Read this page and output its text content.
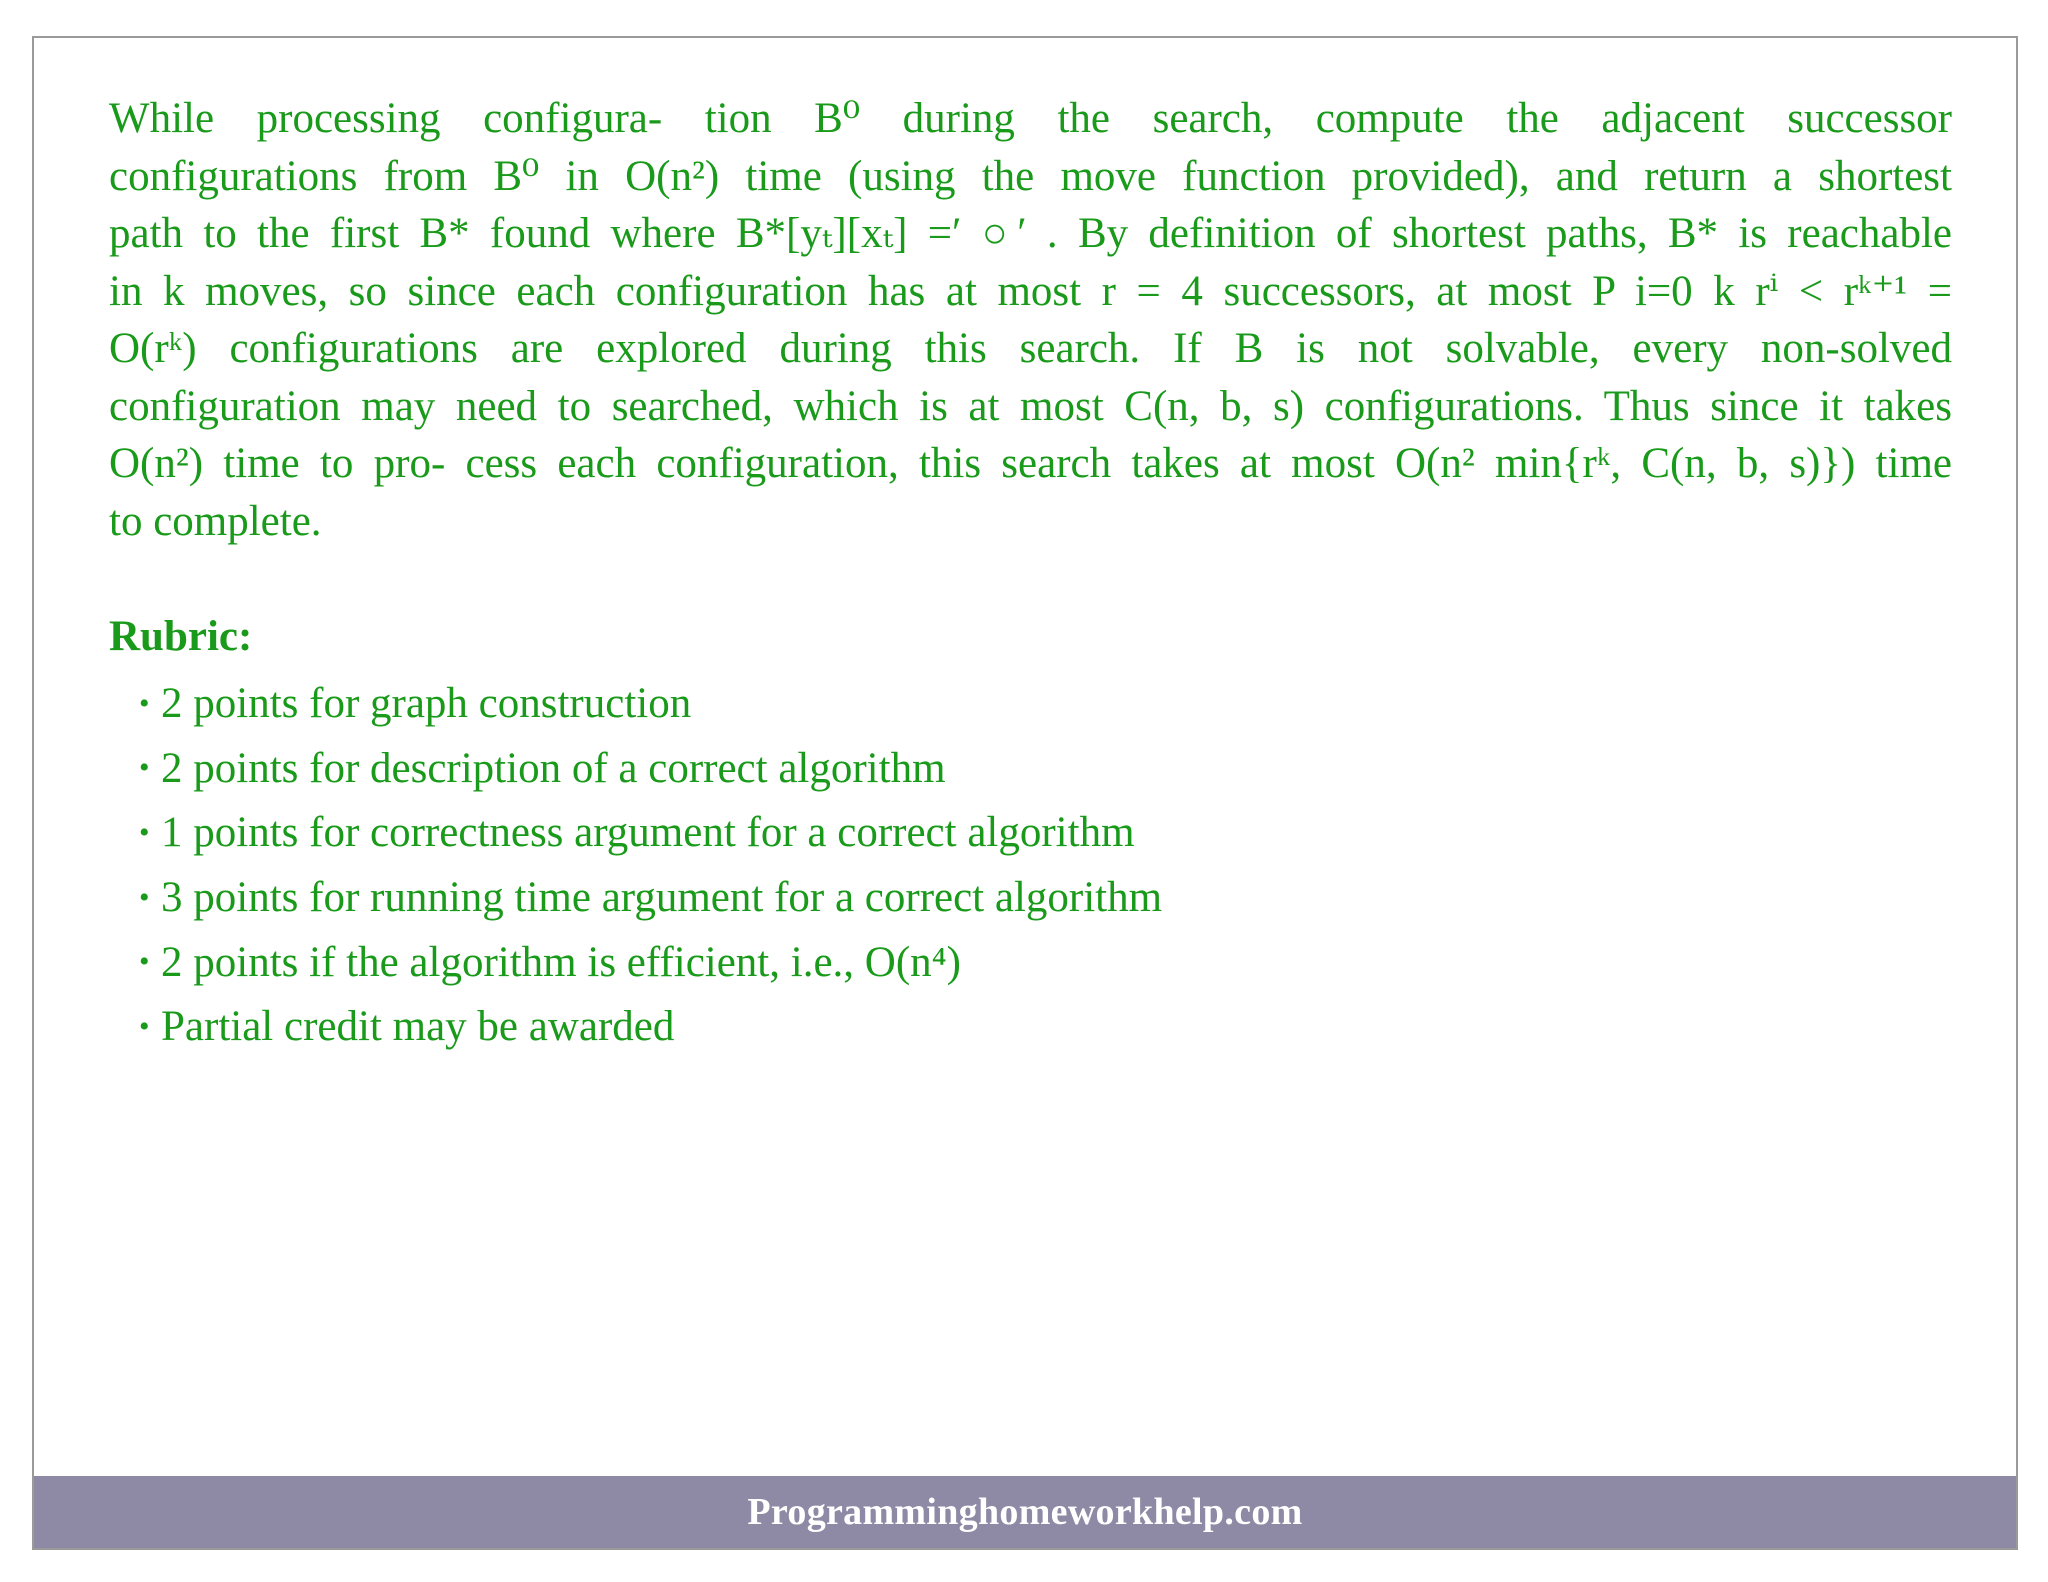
While processing configura- tion B⁰ during the search, compute the adjacent successor
configurations from B⁰ in O(n²) time (using the move function provided), and return a shortest
path to the first B* found where B*[yₜ][xₜ] =′ ○′ . By definition of shortest paths, B* is reachable
in k moves, so since each configuration has at most r = 4 successors, at most P i=0 k rⁱ < rᵏ⁺¹ =
O(rᵏ) configurations are explored during this search. If B is not solvable, every non-solved
configuration may need to searched, which is at most C(n, b, s) configurations. Thus since it takes
O(n²) time to pro- cess each configuration, this search takes at most O(n² min{rᵏ, C(n, b, s)}) time
to complete.
Rubric:
• 2 points for graph construction
• 2 points for description of a correct algorithm
• 1 points for correctness argument for a correct algorithm
• 3 points for running time argument for a correct algorithm
• 2 points if the algorithm is efficient, i.e., O(n⁴)
• Partial credit may be awarded
Programminghomeworkhelp.com
